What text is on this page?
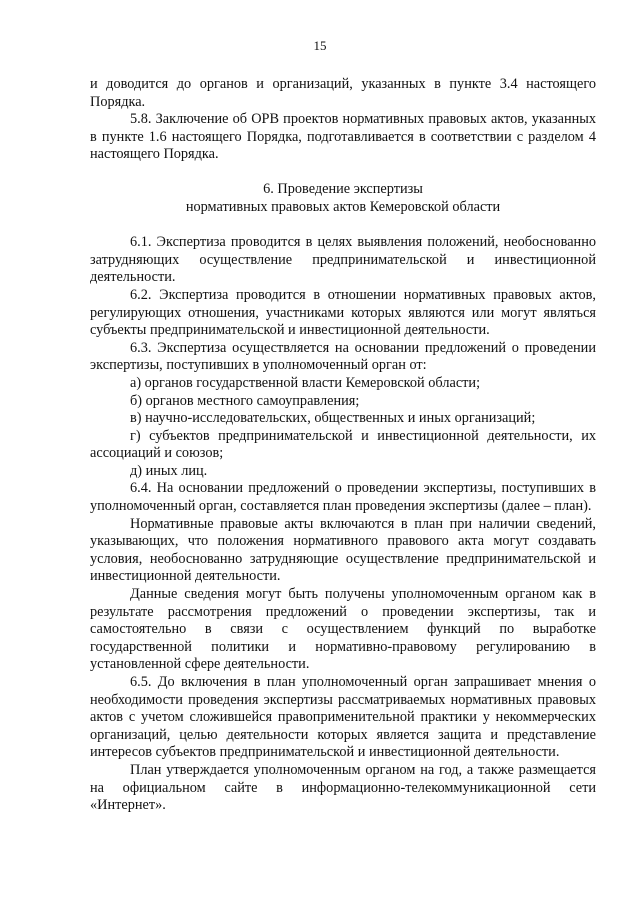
15

и доводится до органов и организаций, указанных в пункте 3.4 настоящего Порядка.

5.8. Заключение об ОРВ проектов нормативных правовых актов, указанных в пункте 1.6 настоящего Порядка, подготавливается в соответствии с разделом 4 настоящего Порядка.

6. Проведение экспертизы

нормативных правовых актов Кемеровской области

6.1. Экспертиза проводится в целях выявления положений, необоснованно затрудняющих осуществление предпринимательской и инвестиционной деятельности.

6.2. Экспертиза проводится в отношении нормативных правовых актов, регулирующих отношения, участниками которых являются или могут являться субъекты предпринимательской и инвестиционной деятельности.

6.3. Экспертиза осуществляется на основании предложений о проведении экспертизы, поступивших в уполномоченный орган от:

а) органов государственной власти Кемеровской области;

б) органов местного самоуправления;

в) научно-исследовательских, общественных и иных организаций;

г) субъектов предпринимательской и инвестиционной деятельности, их ассоциаций и союзов;

д) иных лиц.

6.4. На основании предложений о проведении экспертизы, поступивших в уполномоченный орган, составляется план проведения экспертизы (далее – план).

Нормативные правовые акты включаются в план при наличии сведений, указывающих, что положения нормативного правового акта могут создавать условия, необоснованно затрудняющие осуществление предпринимательской и инвестиционной деятельности.

Данные сведения могут быть получены уполномоченным органом как в результате рассмотрения предложений о проведении экспертизы, так и самостоятельно в связи с осуществлением функций по выработке государственной политики и нормативно-правовому регулированию в установленной сфере деятельности.

6.5. До включения в план уполномоченный орган запрашивает мнения о необходимости проведения экспертизы рассматриваемых нормативных правовых актов с учетом сложившейся правоприменительной практики у некоммерческих организаций, целью деятельности которых является защита и представление интересов субъектов предпринимательской и инвестиционной деятельности.

План утверждается уполномоченным органом на год, а также размещается на официальном сайте в информационно-телекоммуникационной сети «Интернет».
